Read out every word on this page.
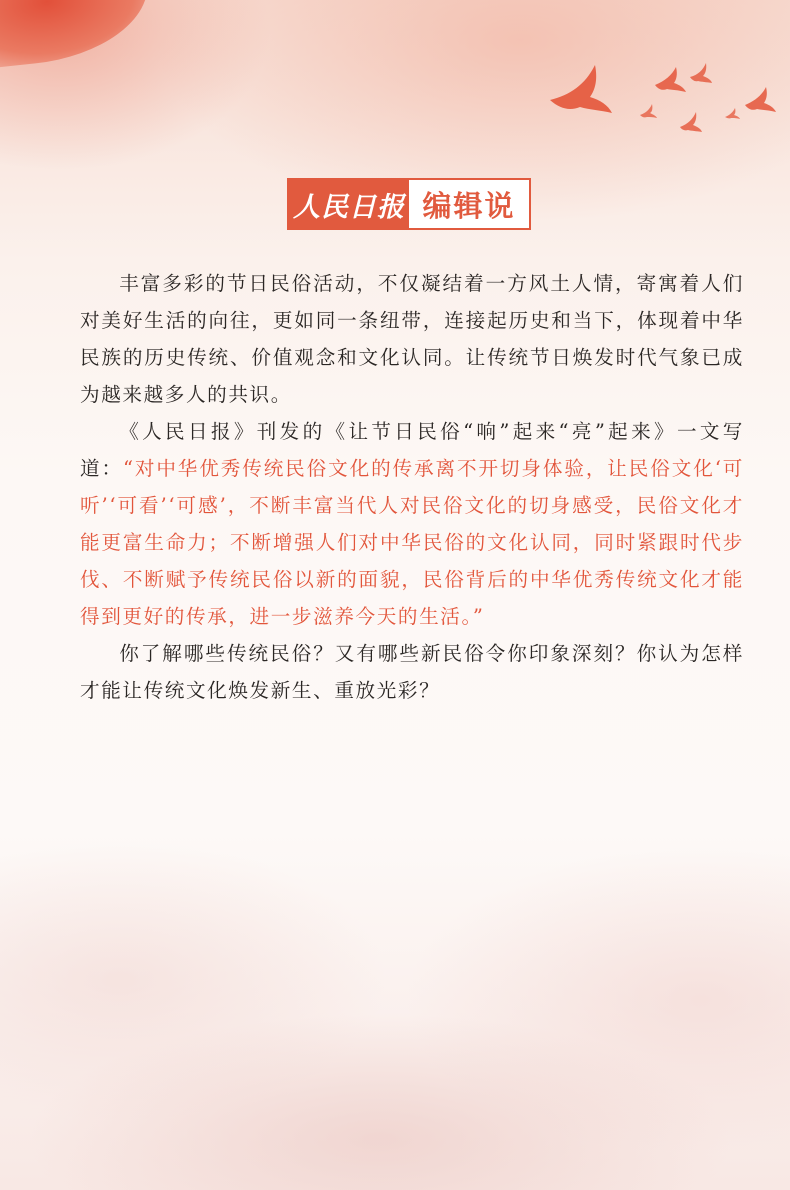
人民日报 编辑说

丰富多彩的节日民俗活动，不仅凝结着一方风土人情，寄寓着人们对美好生活的向往，更如同一条纽带，连接起历史和当下，体现着中华民族的历史传统、价值观念和文化认同。让传统节日焕发时代气象已成为越来越多人的共识。

《人民日报》刊发的《让节日民俗“响”起来“亮”起来》一文写道：“对中华优秀传统民俗文化的传承离不开切身体验，让民俗文化‘可听’‘可看’‘可感’，不断丰富当代人对民俗文化的切身感受，民俗文化才能更富生命力；不断增强人们对中华民俗的文化认同，同时紧跟时代步伐、不断赋予传统民俗以新的面貌，民俗背后的中华优秀传统文化才能得到更好的传承，进一步滋养今天的生活。”

你了解哪些传统民俗？又有哪些新民俗令你印象深刻？你认为怎样才能让传统文化焕发新生、重放光彩？
